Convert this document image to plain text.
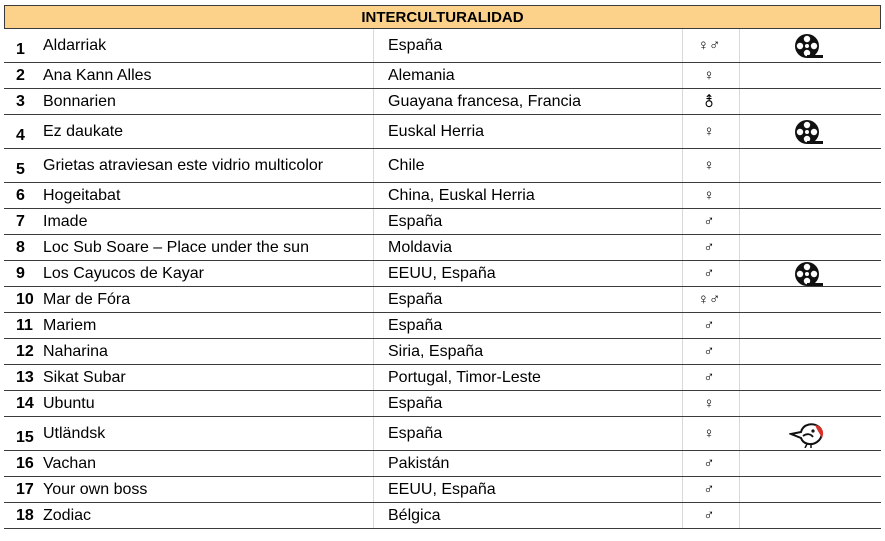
INTERCULTURALIDAD
1	Aldarriak	España	♀♂
2	Ana Kann Alles	Alemania	♀
3	Bonnarien	Guayana francesa, Francia	⚨
4	Ez daukate	Euskal Herria	♀
5	Grietas atraviesan este vidrio multicolor	Chile	♀
6	Hogeitabat	China, Euskal Herria	♀
7	Imade	España	♂
8	Loc Sub Soare – Place under the sun	Moldavia	♂
9	Los Cayucos de Kayar	EEUU, España	♂
10 Mar de Fóra	España	♀♂
11 Mariem	España	♂
12 Naharina	Siria, España	♂
13 Sikat Subar	Portugal, Timor-Leste	♂
14 Ubuntu	España	♀
15 Utländsk	España	♀
16 Vachan	Pakistán	♂
17 Your own boss	EEUU, España	♂
18 Zodiac	Bélgica	♂
